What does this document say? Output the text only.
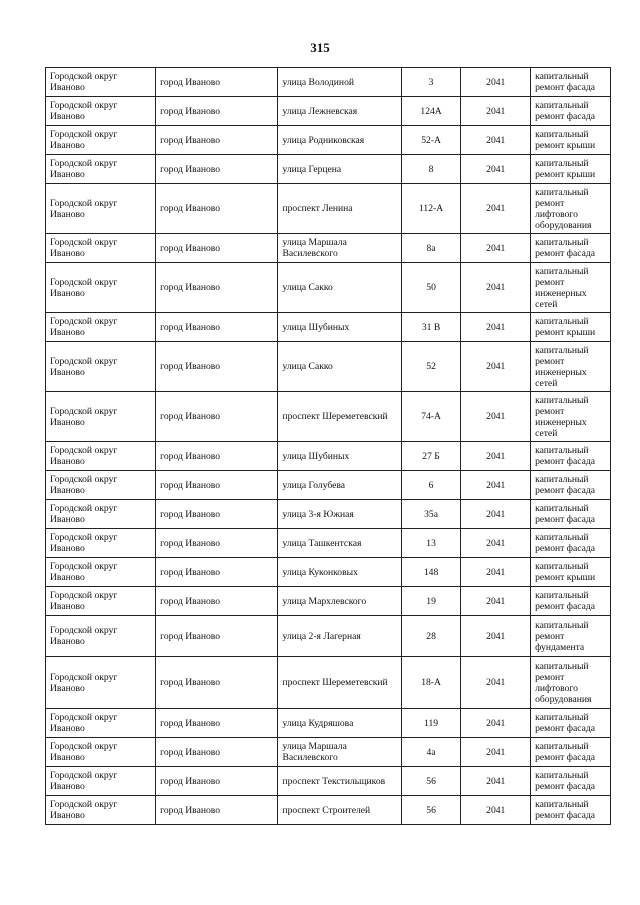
315
Городской округ Иваново	город Иваново	улица Володиной	3	2041	капитальный ремонт фасада

Городской округ Иваново	город Иваново	улица Лежневская	124А	2041	капитальный ремонт фасада

Городской округ Иваново	город Иваново	улица Родниковская	52-А	2041	капитальный ремонт крыши

Городской округ Иваново	город Иваново	улица Герцена	8	2041	капитальный ремонт крыши

Городской округ Иваново	город Иваново	проспект Ленина	112-А	2041	капитальный ремонт лифтового оборудования

Городской округ Иваново	город Иваново	улица Маршала Василевского	8а	2041	капитальный ремонт фасада

Городской округ Иваново	город Иваново	улица Сакко	50	2041	капитальный ремонт инженерных сетей

Городской округ Иваново	город Иваново	улица Шубиных	31 В	2041	капитальный ремонт крыши

Городской округ Иваново	город Иваново	улица Сакко	52	2041	капитальный ремонт инженерных сетей

Городской округ Иваново	город Иваново	проспект Шереметевский	74-А	2041	капитальный ремонт инженерных сетей

Городской округ Иваново	город Иваново	улица Шубиных	27 Б	2041	капитальный ремонт фасада

Городской округ Иваново	город Иваново	улица Голубева	6	2041	капитальный ремонт фасада

Городской округ Иваново	город Иваново	улица 3-я Южная	35а	2041	капитальный ремонт фасада

Городской округ Иваново	город Иваново	улица Ташкентская	13	2041	капитальный ремонт фасада

Городской округ Иваново	город Иваново	улица Куконковых	148	2041	капитальный ремонт крыши

Городской округ Иваново	город Иваново	улица Мархлевского	19	2041	капитальный ремонт фасада

Городской округ Иваново	город Иваново	улица 2-я Лагерная	28	2041	капитальный ремонт фундамента

Городской округ Иваново	город Иваново	проспект Шереметевский	18-А	2041	капитальный ремонт лифтового оборудования

Городской округ Иваново	город Иваново	улица Кудряшова	119	2041	капитальный ремонт фасада

Городской округ Иваново	город Иваново	улица Маршала Василевского	4а	2041	капитальный ремонт фасада

Городской округ Иваново	город Иваново	проспект Текстильщиков	56	2041	капитальный ремонт фасада

Городской округ Иваново	город Иваново	проспект Строителей	56	2041	капитальный ремонт фасада
